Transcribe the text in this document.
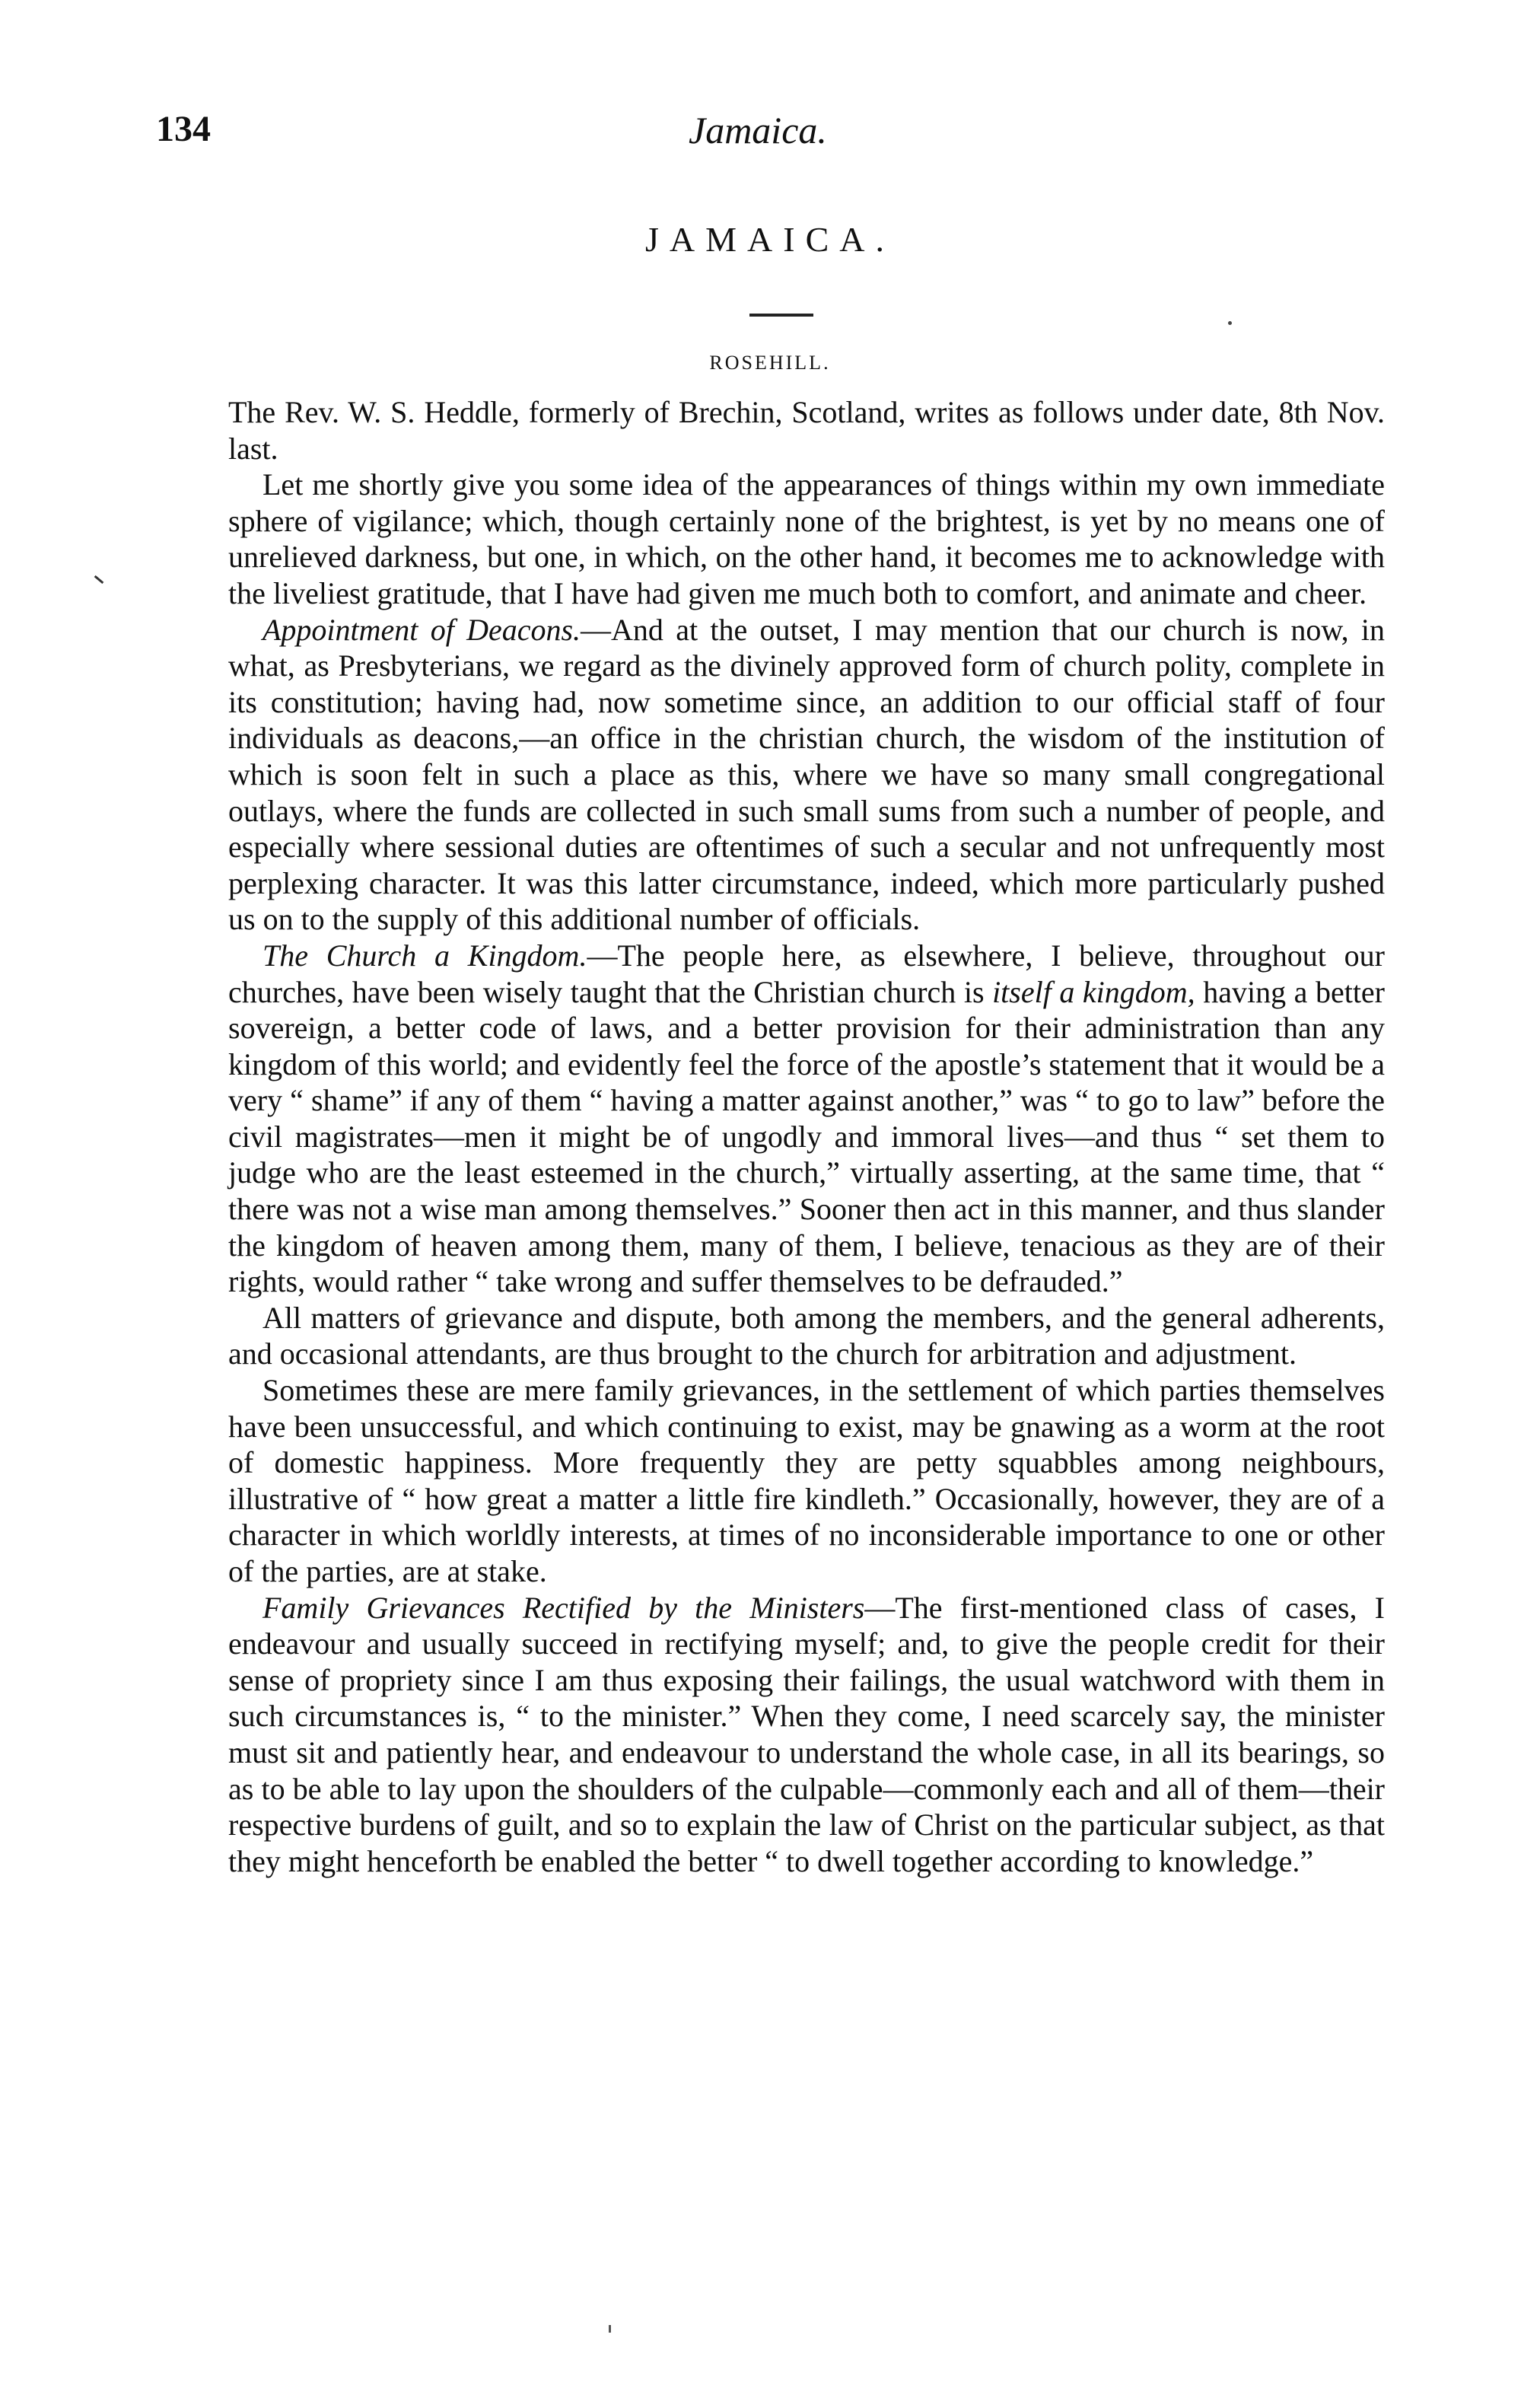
134	Jamaica.
JAMAICA.
ROSEHILL.

The Rev. W. S. Heddle, formerly of Brechin, Scotland, writes as follows under date, 8th Nov. last.

Let me shortly give you some idea of the appearances of things within my own immediate sphere of vigilance; which, though certainly none of the brightest, is yet by no means one of unrelieved darkness, but one, in which, on the other hand, it becomes me to acknowledge with the liveliest gratitude, that I have had given me much both to comfort, and animate and cheer.

Appointment of Deacons.—And at the outset, I may mention that our church is now, in what, as Presbyterians, we regard as the divinely approved form of church polity, complete in its constitution; having had, now sometime since, an addition to our official staff of four individuals as deacons,—an office in the christian church, the wisdom of the institution of which is soon felt in such a place as this, where we have so many small congregational outlays, where the funds are collected in such small sums from such a number of people, and especially where sessional duties are oftentimes of such a secular and not unfrequently most perplexing character. It was this latter circumstance, indeed, which more particularly pushed us on to the supply of this additional number of officials.

The Church a Kingdom.—The people here, as elsewhere, I believe, throughout our churches, have been wisely taught that the Christian church is itself a kingdom, having a better sovereign, a better code of laws, and a better provision for their administration than any kingdom of this world; and evidently feel the force of the apostle’s statement that it would be a very “ shame” if any of them “ having a matter against another,” was “ to go to law” before the civil magistrates—men it might be of ungodly and immoral lives—and thus “ set them to judge who are the least esteemed in the church,” virtually asserting, at the same time, that “ there was not a wise man among themselves.” Sooner then act in this manner, and thus slander the kingdom of heaven among them, many of them, I believe, tenacious as they are of their rights, would rather “ take wrong and suffer themselves to be defrauded.”

All matters of grievance and dispute, both among the members, and the general adherents, and occasional attendants, are thus brought to the church for arbitration and adjustment.

Sometimes these are mere family grievances, in the settlement of which parties themselves have been unsuccessful, and which continuing to exist, may be gnawing as a worm at the root of domestic happiness. More frequently they are petty squabbles among neighbours, illustrative of “ how great a matter a little fire kindleth.” Occasionally, however, they are of a character in which worldly interests, at times of no inconsiderable importance to one or other of the parties, are at stake.

Family Grievances Rectified by the Ministers—The first-mentioned class of cases, I endeavour and usually succeed in rectifying myself; and, to give the people credit for their sense of propriety since I am thus exposing their failings, the usual watchword with them in such circumstances is, “ to the minister.” When they come, I need scarcely say, the minister must sit and patiently hear, and endeavour to understand the whole case, in all its bearings, so as to be able to lay upon the shoulders of the culpable—commonly each and all of them—their respective burdens of guilt, and so to explain the law of Christ on the particular subject, as that they might henceforth be enabled the better “ to dwell together according to knowledge.”
